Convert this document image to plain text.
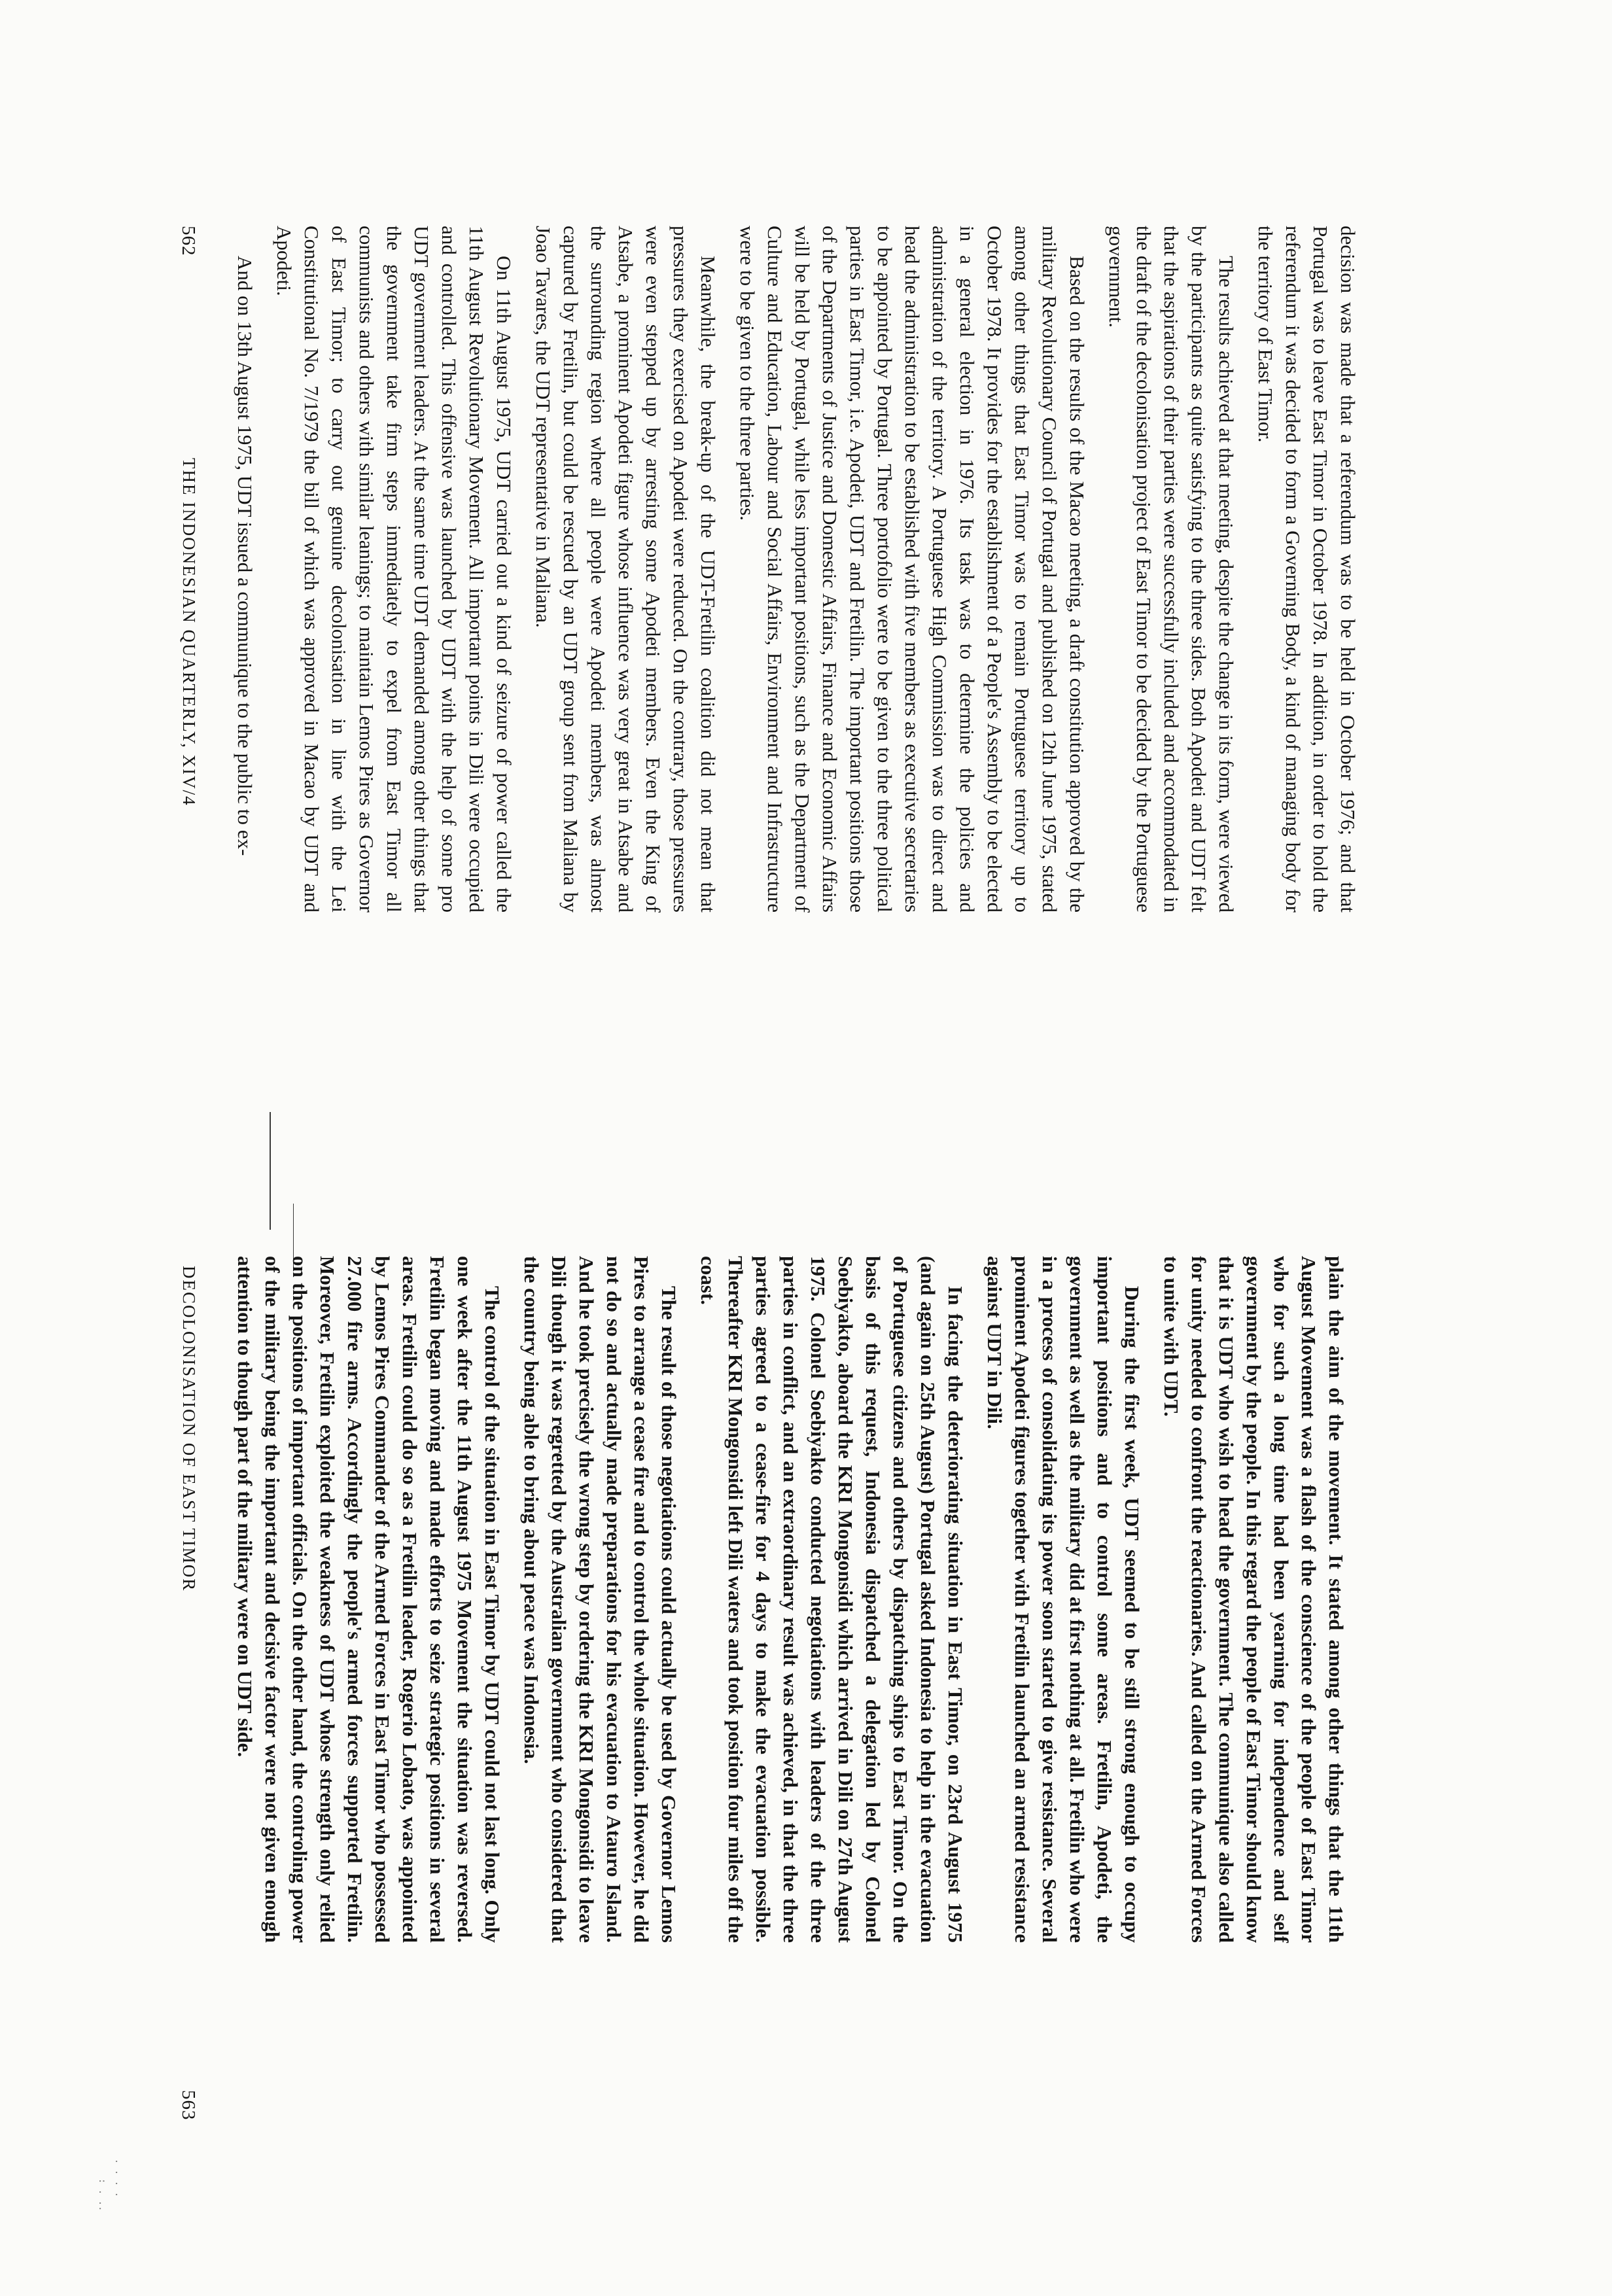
. . . .
: . ..
562
THE INDONESIAN QUARTERLY, XIV/4	decision was made that a referendum was to be held in October 1976; and that Portugal was to leave East Timor in October 1978. In addition, in order to hold the referendum it was decided to form a Governing Body, a kind of managing body for the territory of East Timor.

The results achieved at that meeting, despite the change in its form, were viewed by the participants as quite satisfying to the three sides. Both Apodeti and UDT felt that the aspirations of their parties were successfully included and accommodated in the draft of the decolonisation project of East Timor to be decided by the Portuguese government.

Based on the results of the Macao meeting, a draft constitution approved by the military Revolutionary Council of Portugal and published on 12th June 1975, stated among other things that East Timor was to remain Portuguese territory up to October 1978. It provides for the establishment of a People's Assembly to be elected in a general election in 1976. Its task was to determine the policies and administration of the territory. A Portuguese High Commission was to direct and head the administration to be established with five members as executive secretaries to be appointed by Portugal. Three portofolio were to be given to the three political parties in East Timor, i.e. Apodeti, UDT and Fretilin. The important positions those of the Departments of Justice and Domestic Affairs, Finance and Economic Affairs will be held by Portugal, while less important positions, such as the Department of Culture and Education, Labour and Social Affairs, Environment and Infrastructure were to be given to the three parties.

Meanwhile, the break-up of the UDT-Fretilin coalition did not mean that pressures they exercised on Apodeti were reduced. On the contrary, those pressures were even stepped up by arresting some Apodeti members. Even the King of Atsabe, a prominent Apodeti figure whose influence was very great in Atsabe and the surrounding region where all people were Apodeti members, was almost captured by Fretilin, but could be rescued by an UDT group sent from Maliana by Joao Tavares, the UDT representative in Maliana.

On 11th August 1975, UDT carried out a kind of seizure of power called the 11th August Revolutionary Movement. All important points in Dili were occupied and controlled. This offensive was launched by UDT with the help of some pro UDT government leaders. At the same time UDT demanded among other things that the government take firm steps immediately to expel from East Timor all communists and others with similar leanings; to maintain Lemos Pires as Governor of East Timor; to carry out genuine decolonisation in line with the Lei Constitutional No. 7/1979 the bill of which was approved in Macao by UDT and Apodeti.

And on 13th August 1975, UDT issued a communique to the public to ex-

DECOLONISATION OF EAST TIMOR
563

plain the aim of the movement. It stated among other things that the 11th August Movement was a flash of the conscience of the people of East Timor who for such a long time had been yearning for independence and self government by the people. In this regard the people of East Timor should know that it is UDT who wish to head the government. The communique also called for unity needed to confront the reactionaries. And called on the Armed Forces to unite with UDT.

During the first week, UDT seemed to be still strong enough to occupy important positions and to control some areas. Fretilin, Apodeti, the government as well as the military did at first nothing at all. Fretilin who were in a process of consolidating its power soon started to give resistance. Several prominent Apodeti figures together with Fretilin launched an armed resistance against UDT in Dili.

In facing the deteriorating situation in East Timor, on 23rd August 1975 (and again on 25th August) Portugal asked Indonesia to help in the evacuation of Portuguese citizens and others by dispatching ships to East Timor. On the basis of this request, Indonesia dispatched a delegation led by Colonel Soebiyakto, aboard the KRI Mongonsidi which arrived in Dili on 27th August 1975. Colonel Soebiyakto conducted negotiations with leaders of the three parties in conflict, and an extraordinary result was achieved, in that the three parties agreed to a cease-fire for 4 days to make the evacuation possible. Thereafter KRI Mongonsidi left Dili waters and took position four miles off the coast.

The result of those negotiations could actually be used by Governor Lemos Pires to arrange a cease fire and to control the whole situation. However, he did not do so and actually made preparations for his evacuation to Atauro Island. And he took precisely the wrong step by ordering the KRI Mongonsidi to leave Dili though it was regretted by the Australian government who considered that the country being able to bring about peace was Indonesia.

The control of the situation in East Timor by UDT could not last long. Only one week after the 11th August 1975 Movement the situation was reversed. Fretilin began moving and made efforts to seize strategic positions in several areas. Fretilin could do so as a Fretilin leader, Rogerio Lobato, was appointed by Lemos Pires Commander of the Armed Forces in East Timor who possessed 27.000 fire arms. Accordingly the people's armed forces supported Fretilin. Moreover, Fretilin exploited the weakness of UDT whose strength only relied on the positions of important officials. On the other hand, the controling power of the military being the important and decisive factor were not given enough attention to though part of the military were on UDT side.
